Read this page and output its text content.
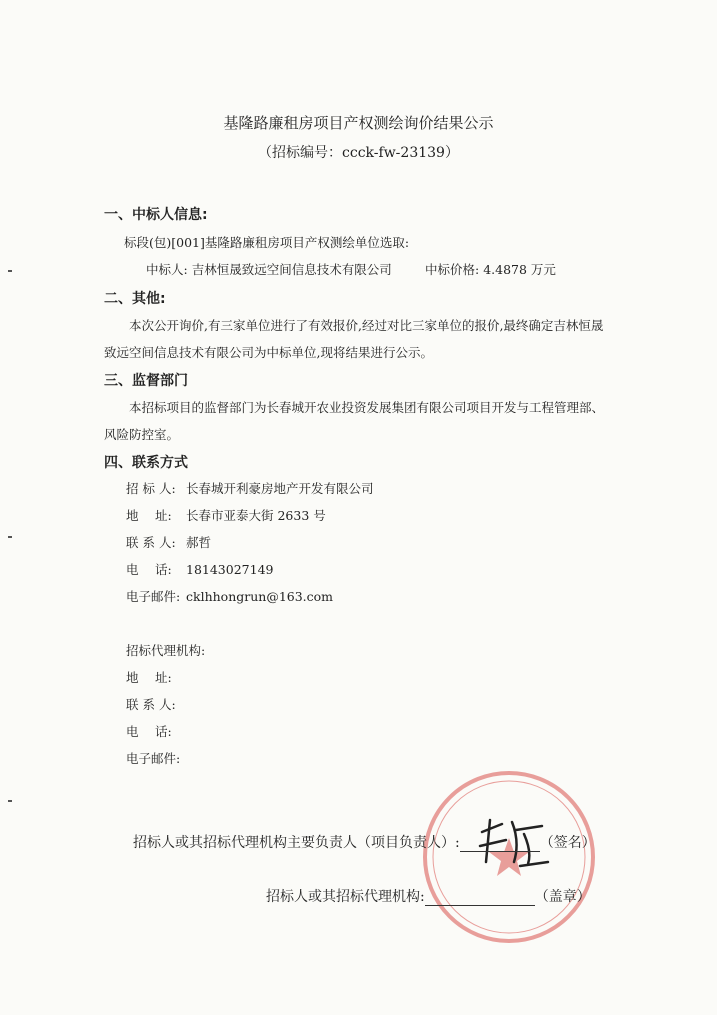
基隆路廉租房项目产权测绘询价结果公示
（招标编号：ccck-fw-23139）
一、中标人信息:
标段(包)[001]基隆路廉租房项目产权测绘单位选取:
中标人: 吉林恒晟致远空间信息技术有限公司	中标价格: 4.4878 万元
二、其他:
本次公开询价,有三家单位进行了有效报价,经过对比三家单位的报价,最终确定吉林恒晟致远空间信息技术有限公司为中标单位,现将结果进行公示。
三、监督部门
本招标项目的监督部门为长春城开农业投资发展集团有限公司项目开发与工程管理部、风险防控室。
四、联系方式
招 标 人: 长春城开利豪房地产开发有限公司
地　 址: 长春市亚泰大街 2633 号
联 系 人: 郝哲
电　 话: 18143027149
电子邮件: cklhhongrun@163.com
招标代理机构:
地　 址:
联 系 人:
电　 话:
电子邮件:
招标人或其招标代理机构主要负责人（项目负责人）:	（签名）
招标人或其招标代理机构:	（盖章）
